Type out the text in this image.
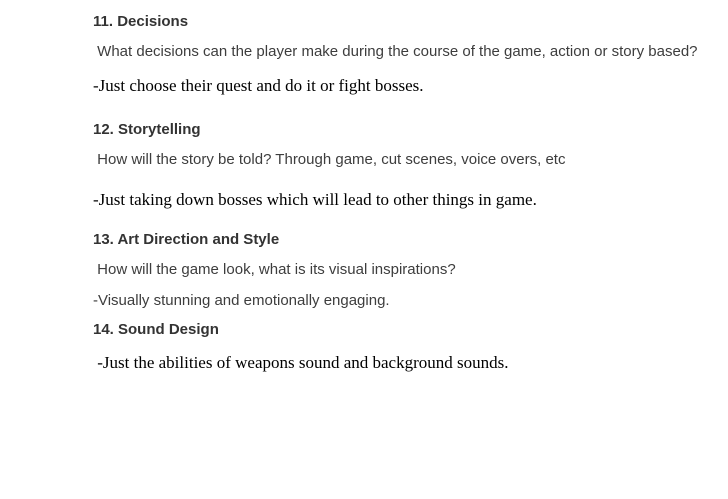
11. Decisions

What decisions can the player make during the course of the game, action or story based?

-Just choose their quest and do it or fight bosses.

12. Storytelling

How will the story be told? Through game, cut scenes, voice overs, etc

-Just taking down bosses which will lead to other things in game.

13. Art Direction and Style

How will the game look, what is its visual inspirations?

-Visually stunning and emotionally engaging.

14. Sound Design

-Just the abilities of weapons sound and background sounds.
